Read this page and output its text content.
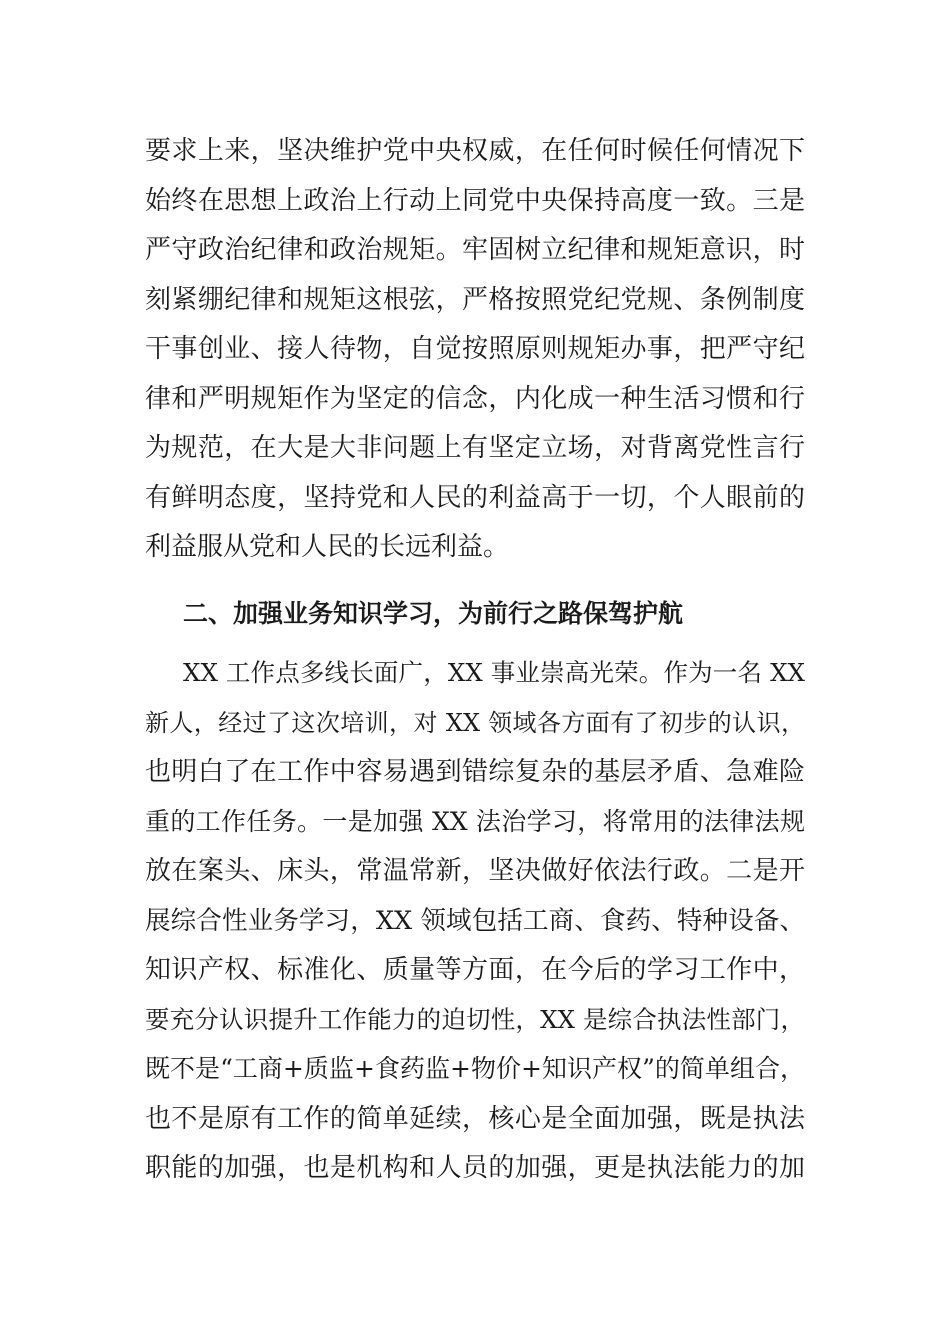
要求上来，坚决维护党中央权威，在任何时候任何情况下
始终在思想上政治上行动上同党中央保持高度一致。三是
严守政治纪律和政治规矩。牢固树立纪律和规矩意识，时
刻紧绷纪律和规矩这根弦，严格按照党纪党规、条例制度
干事创业、接人待物，自觉按照原则规矩办事，把严守纪
律和严明规矩作为坚定的信念，内化成一种生活习惯和行
为规范，在大是大非问题上有坚定立场，对背离党性言行
有鲜明态度，坚持党和人民的利益高于一切，个人眼前的
利益服从党和人民的长远利益。
二、加强业务知识学习，为前行之路保驾护航
XX 工作点多线长面广，XX 事业崇高光荣。作为一名 XX
新人，经过了这次培训，对 XX 领域各方面有了初步的认识，
也明白了在工作中容易遇到错综复杂的基层矛盾、急难险
重的工作任务。一是加强 XX 法治学习，将常用的法律法规
放在案头、床头，常温常新，坚决做好依法行政。二是开
展综合性业务学习，XX 领域包括工商、食药、特种设备、
知识产权、标准化、质量等方面，在今后的学习工作中，
要充分认识提升工作能力的迫切性，XX 是综合执法性部门，
既不是“工商+质监+食药监+物价+知识产权”的简单组合，
也不是原有工作的简单延续，核心是全面加强，既是执法
职能的加强，也是机构和人员的加强，更是执法能力的加
